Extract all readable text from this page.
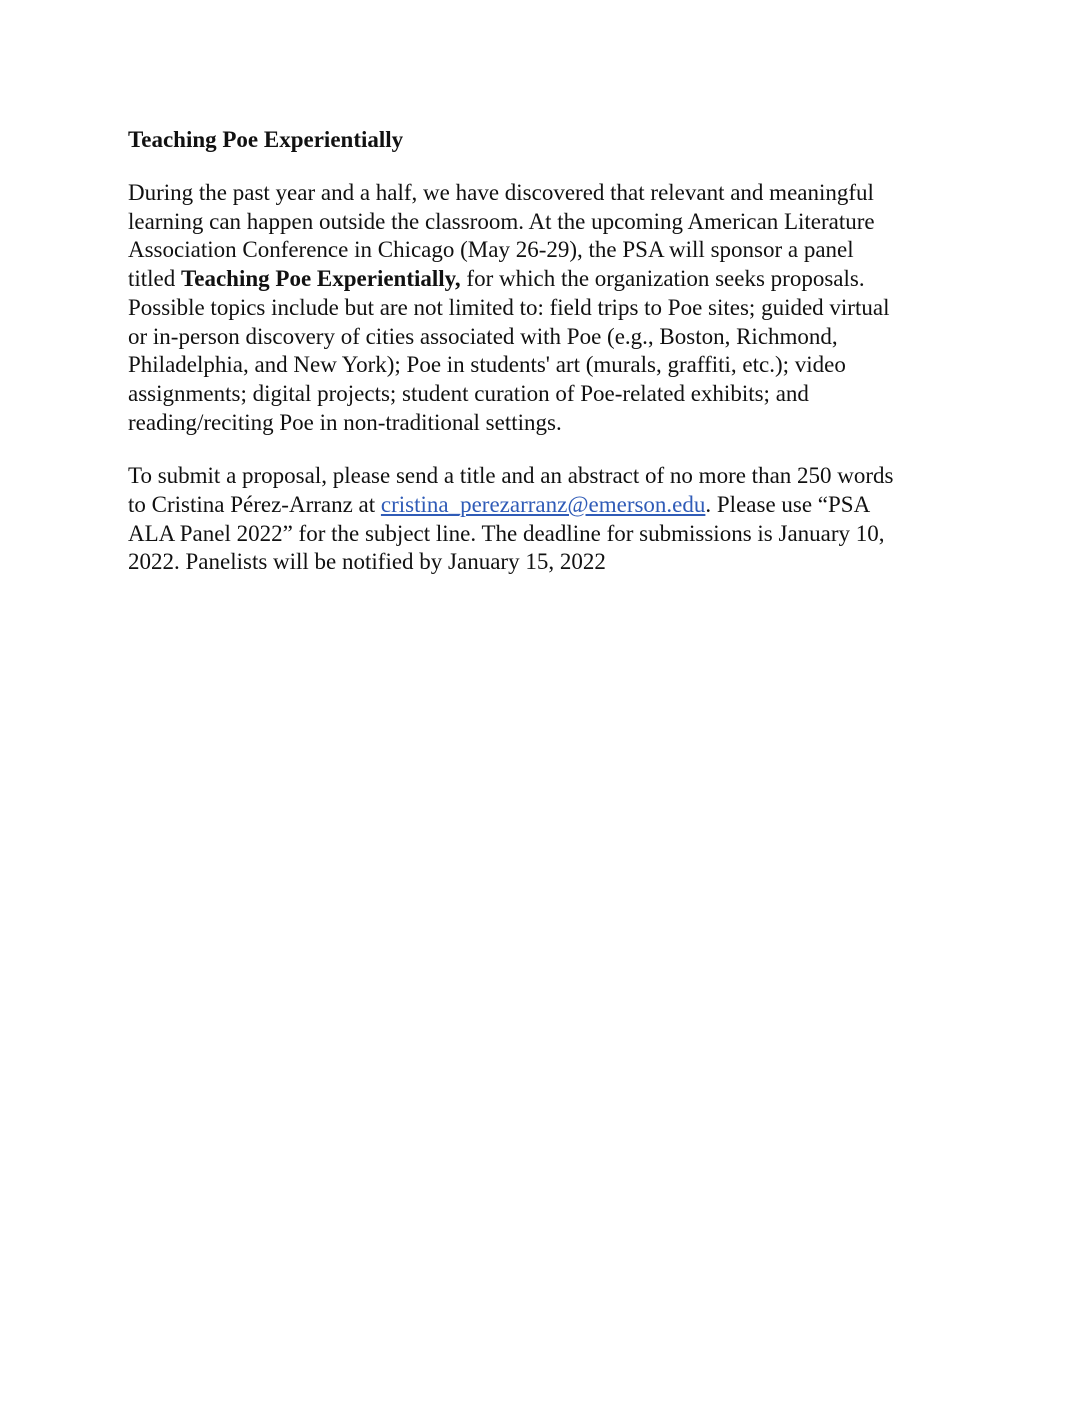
Teaching Poe Experientially
During the past year and a half, we have discovered that relevant and meaningful
learning can happen outside the classroom. At the upcoming American Literature
Association Conference in Chicago (May 26-29), the PSA will sponsor a panel
titled Teaching Poe Experientially, for which the organization seeks proposals.
Possible topics include but are not limited to: field trips to Poe sites; guided virtual
or in-person discovery of cities associated with Poe (e.g., Boston, Richmond,
Philadelphia, and New York); Poe in students' art (murals, graffiti, etc.); video
assignments; digital projects; student curation of Poe-related exhibits; and
reading/reciting Poe in non-traditional settings.
To submit a proposal, please send a title and an abstract of no more than 250 words
to Cristina Pérez-Arranz at cristina_perezarranz@emerson.edu. Please use “PSA
ALA Panel 2022” for the subject line. The deadline for submissions is January 10,
2022. Panelists will be notified by January 15, 2022
